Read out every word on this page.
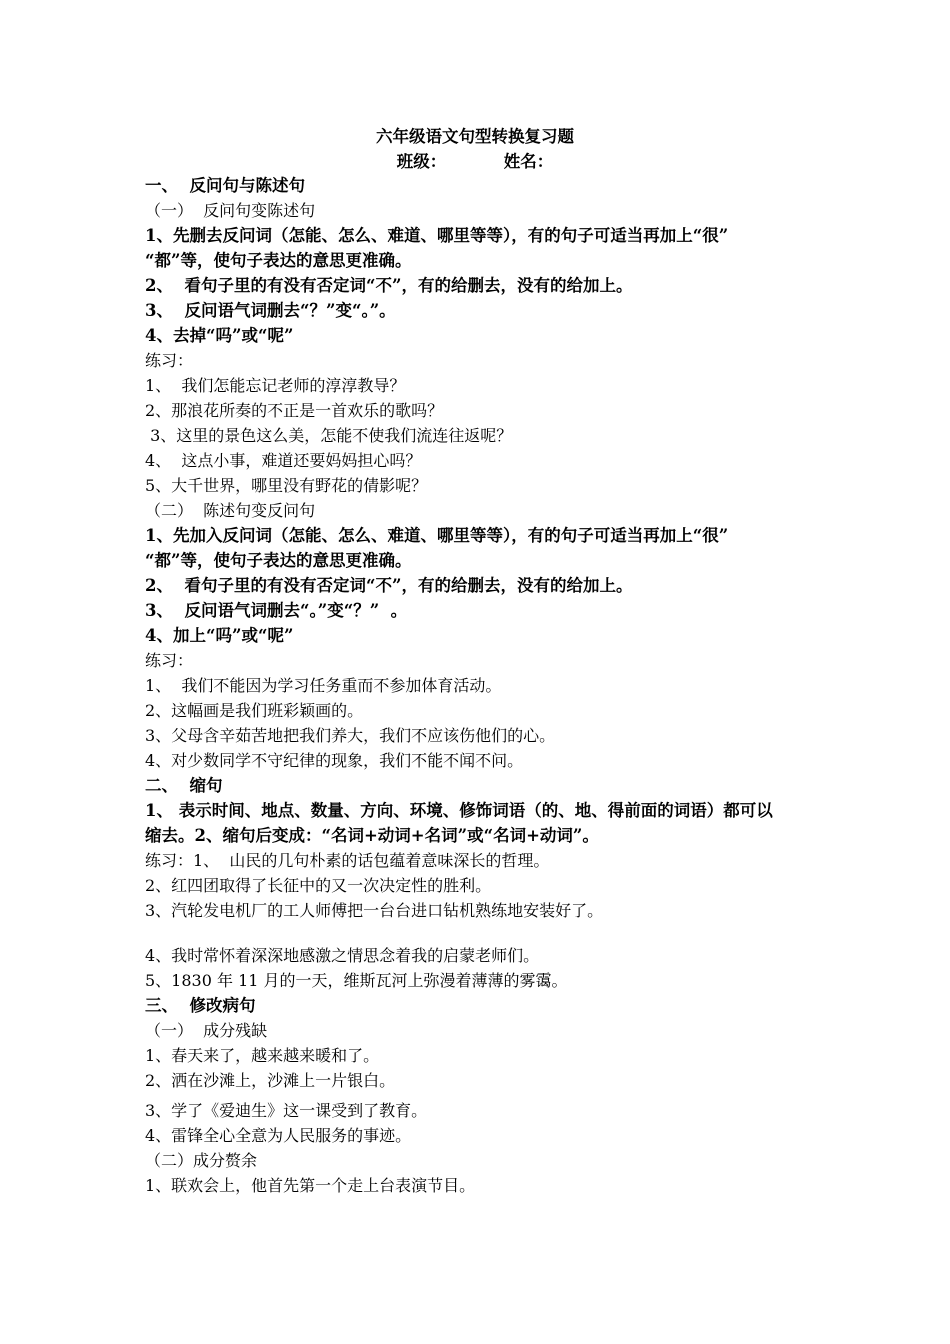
六年级语文句型转换复习题
班级：          姓名：
一、  反问句与陈述句
（一）  反问句变陈述句
1、先删去反问词（怎能、怎么、难道、哪里等等），有的句子可适当再加上“很”
“都”等，使句子表达的意思更准确。
2、  看句子里的有没有否定词“不”，有的给删去，没有的给加上。
3、  反问语气词删去“？”变“。”。
4、去掉“吗”或“呢”
练习：
1、  我们怎能忘记老师的淳淳教导？
2、那浪花所奏的不正是一首欢乐的歌吗？
3、这里的景色这么美，怎能不使我们流连往返呢？
4、  这点小事，难道还要妈妈担心吗？
5、大千世界，哪里没有野花的倩影呢？
（二）  陈述句变反问句
1、先加入反问词（怎能、怎么、难道、哪里等等），有的句子可适当再加上“很”
“都”等，使句子表达的意思更准确。
2、  看句子里的有没有否定词“不”，有的给删去，没有的给加上。
3、  反问语气词删去“。”变“？”  。
4、加上“吗”或“呢”
练习：
1、  我们不能因为学习任务重而不参加体育活动。
2、这幅画是我们班彩颖画的。
3、父母含辛茹苦地把我们养大，我们不应该伤他们的心。
4、对少数同学不守纪律的现象，我们不能不闻不问。
二、  缩句
1、 表示时间、地点、数量、方向、环境、修饰词语（的、地、得前面的词语）都可以
缩去。2、缩句后变成：“名词+动词+名词”或“名词+动词”。
练习：1、  山民的几句朴素的话包蕴着意味深长的哲理。
2、红四团取得了长征中的又一次决定性的胜利。
3、汽轮发电机厂的工人师傅把一台台进口钻机熟练地安装好了。
4、我时常怀着深深地感激之情思念着我的启蒙老师们。
5、1830 年 11 月的一天，维斯瓦河上弥漫着薄薄的雾霭。
三、  修改病句
（一）  成分残缺
1、春天来了，越来越来暖和了。
2、洒在沙滩上，沙滩上一片银白。
3、学了《爱迪生》这一课受到了教育。
4、雷锋全心全意为人民服务的事迹。
（二）成分赘余
1、联欢会上，他首先第一个走上台表演节目。
